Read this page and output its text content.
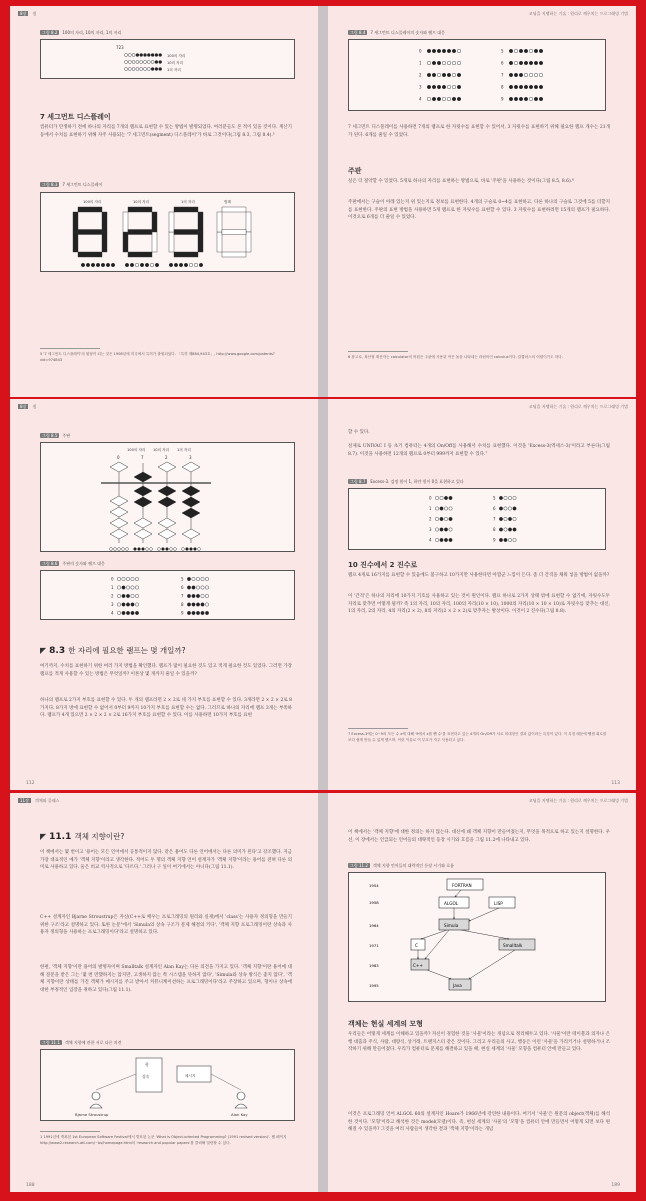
8장 셈
그림 8.2 100의 자리, 10의 자리, 1의 자리
723
100의 자리
10의 자리
1의 자리
7 세그먼트 디스플레이
컴퓨터가 탄생하기 전에 하나의 자리를 7개의 램프로 표현할 수 있는 방법이 발명되었다. 여러분들도 본 적이 있을 것이다. 계산기 등에서 수치를 표현하기 위해 자주 사용되는 '7 세그먼트(segment) 디스플레이'가 바로 그것이다(그림 8.3, 그림 8.4).⁵
그림 8.3 7 세그먼트 디스플레이
100의 자리	10의 자리	1의 자리	범례
5 '7 세그먼트 디스플레이'의 원형이 되는 것은 1908년에 미국에서 특허가 출원되었다. 「특허 제884,943호」, http://www.google.com/patents?vid=974843
코딩을 지탱하는 기술 : 원리로 깨우치는 프로그래밍 기법
그림 8.4 7 세그먼트 디스플레이의 숫자와 램프 대응
0
1
2
3
4
5
6
7
8
9
7 세그먼트 디스플레이를 사용하면 7개의 램프로 한 자릿수를 표현할 수 있어서, 3 자릿수를 표현하기 위해 필요한 램프 개수는 21개가 된다. 6개를 줄일 수 있었다.
주판
실은 더 절약할 수 있었다. 5개로 하나의 자리를 표현하는 방법으로, 바로 '주판'을 사용하는 것이다(그림 8.5, 8.6).⁶
주판에서는 구슬이 아래 있는지 위 있는지로 정보를 표현한다. 4개의 구슬로 0~4를 표현하고, 다른 하나의 구슬로 그것에 5를 더할지를 표현한다. 주판의 표현 방법을 사용하면 5개 램프로 한 자릿수를 표현할 수 있다. 3 자릿수를 표현하려면 15개의 램프가 필요하다. 이것으로 6개를 더 줄일 수 있었다.
6 참고로, 복산형 계산자는 calculator의 어원은 주판에 사용된 작은 돌을 나타내는 라틴어인 calculus이다. 칼큘러스의 어원이기도 하다.
8장 셈
그림 8.5 주판
100의 자리 10의 자리 1의 자리
0	7	2	3
그림 8.6 주판의 숫자와 램프 대응
0
1
2
3
4
5
6
7
8
9
◤ 8.3 한 자리에 필요한 램프는 몇 개일까?
여기까지, 수치를 표현하기 위한 여러 가지 방법을 확인했다. 램프가 많이 필요한 것도 있고 적게 필요한 것도 있었다. 그러면 가장 램프를 적게 사용할 수 있는 방법은 무엇일까? 이론상 몇 개까지 줄일 수 있을까?
하나의 램프로 2가지 부호를 표현할 수 있다. 두 개의 램프라면 2 × 2로 네 가지 부호를 표현할 수 있다. 3개라면 2 × 2 × 2로 8가지다. 8가지 방에 표현할 수 없어서 0부터 9까지 10가지 부호를 표현할 수는 없다. 그러므로 하나의 자리에 램프 3개는 부족하다. 램프가 4개 있으면 2 × 2 × 2 × 2로 16가지 부호를 표현할 수 있다. 이를 사용하면 10가지 부호를 표현
112
코딩을 지탱하는 기술 : 원리로 깨우치는 프로그래밍 기법
할 수 있다.
실제로 UNIVAC I 등 초기 컴퓨터는 4개의 On/Off를 사용해서 수치를 표현했다. 이것을 'Excess-3(엑세스-3)'이라고 부른다(그림 8.7). 이것을 사용하면 12개의 램프로 0부터 999까지 표현할 수 있다.⁷
그림 8.7 Excess-3. 검정 원이 1, 하얀 원이 0을 표현하고 있다
0
1
2
3
4
5
6
7
8
9
10 진수에서 2 진수로
램프 4개로 16가지를 표현할 수 있음에도 불구하고 10가지만 사용한다면 아깝군 느낌이 든다. 좀 더 간격을 채워 넣을 방법이 없을까?
이 '간격'은 하나의 자리에 10가지 기호를 사용하고 있는 것이 원인이다. 램프 하나로 2가지 상태 밖에 표현할 수 없기에, 자릿수도두 자리로 맞추면 어떻게 될까? 즉 1의 자리, 10의 자리, 100의 자리(10 × 10), 1000의 자리(10 × 10 × 10)로 자릿수를 맞추는 대신, 1의 자리, 2의 자리, 4의 자리(2 × 2), 8의 자리(2 × 2 × 2)로 맞추자는 발상이다. 이것이 2 진수다(그림 8.8).
7 Excess-3에는 0~9의 모든 수 x에 대해 '9에서 x를 뺀 수'를 표현하고 있는 4개의 On/Off가 서로 비대칭인 결과 값이라는 특징이 있다. 이 특징 때문에 뺄셈 회로를 보다 쉽게 만들 수 있게 했으며, 이런 이유로 이 부호가 자주 사용되고 있다.
113
11장 객체와 클래스
◤ 11.1 객체 지향이란?
이 책에서는 몇 번이고 '용어는 모든 언어에서 공통적이지 않다. 같은 용어도 다른 언어에서는 다른 의미가 된다'고 강조했다. 지금 가장 대표적인 예가 '객체 지향'이라고 생각한다. 적어도 두 명의 객체 지향 언어 설계자가 '객체 지향'이라는 용어를 전혀 다른 의미로 사용하고 있다. 둘은 비교 역사적으로 '다르다.' 그러나 구 일이 여기에서는 아니다(그림 11.1).
C++ 설계자인 Bjarne Stroustrup은 자신(C++로 배우는 프로그래밍의 원리와 실제)에서 'class'는 사용자 정의형을 만들기 위한 구조'라고 설명하고 있다. 또한 논문"에서 'Simula의 상속 구조가 문제 해결의 키다', '객체 지향 프로그래밍이란 상속과 사용자 정의형을 사용하는 프로그래밍이다'라고 설명하고 있다.
한편, '객체 지향'이란 용어의 발명자이며 Smalltalk 설계자인 Alan Kay는 다른 의견을 가지고 있다. '객체 지향'이란 용어에 대해 질문을 받은 그는 '몇 번 만했하지는 않지만, 고생하지 않는 쪽 시스템을 뜻하지 않다', 'Simula와 상속 방식은 좋지 않다', '객체 지향이란 상태를 가진 객체가 메시지를 주고 받아서 커뮤니케이션하는 프로그래밍이다'라고 주장하고 있으며, 형이나 상속에 대한 부정적인 입장을 취하고 있다(그림 11.1).
그림 11.1 객체 지향에 관한 서로 다른 의견
형
상속	메시지
Bjarne Stroustrup	Alan Kay
1 1991년에 개최된 1st European Software Festival에서 발표된 논문 'What is Object-oriented Programming? (1991 revised version)'. 웹 페이지 http://www2.research.att.com/~bs/homepage.html의 'research and popular papers'를 클릭해 열람할 수 있다.
188
코딩을 지탱하는 기술 : 원리로 깨우치는 프로그래밍 기법
이 책에서는 '객체 지향'에 대한 정의는 하지 않는다. 대신에 왜 객체 지향이 만들어졌는지, 무엇을 목적으로 하고 있는지 설명한다. 우선, 이 장에서는 언급되는 언어들의 대략적인 등장 시기와 흐름을 그림 11.2에 나타내고 있다.
그림 11.2 객체 지향 언어들의 대략적인 등장 시기와 흐름
1954
1958
1964
1971
1983
1995
FORTRAN
ALGOL	LISP
Simula
C	Smalltalk
C++
Java
객체는 현실 세계의 모형
우리들은 어떻게 세계를 이해하고 있을까? 자신이 경험한 것을 '사물'이라는 개념으로 정리해두고 있다. '사물'이란 테이블과 의자나 은행 대출과 주식, 사람, 대량식, 상거래, 트랜지스터 같은 것이다. 그리고 우리들의 사고, 행동은 이런 '사물'을 가리키거나 설명하거나 조작하기 위해 만들어졌다. 우리가 컴퓨터로 문제를 해결하고 있을 때, 현실 세계의 '사물' 모형을 컴퓨터 안에 만들고 있다.
이것은 프로그래밍 언어 ALGOL 60의 설계자인 Hoare가 1966년에 강연한 내용이다. 여기서 '사물'은 원문의 object(객체)를 해석한 것이다. '모형'이라고 해석한 것은 model(모델)이다. 즉, 현실 세계의 '사물'의 '모형'을 컴퓨터 안에 만들면서 어떻게 되면 보다 편해질 수 있을까? 그것을 여러 사람들이 생각한 결과 '객체 지향'이라는 개념
189
